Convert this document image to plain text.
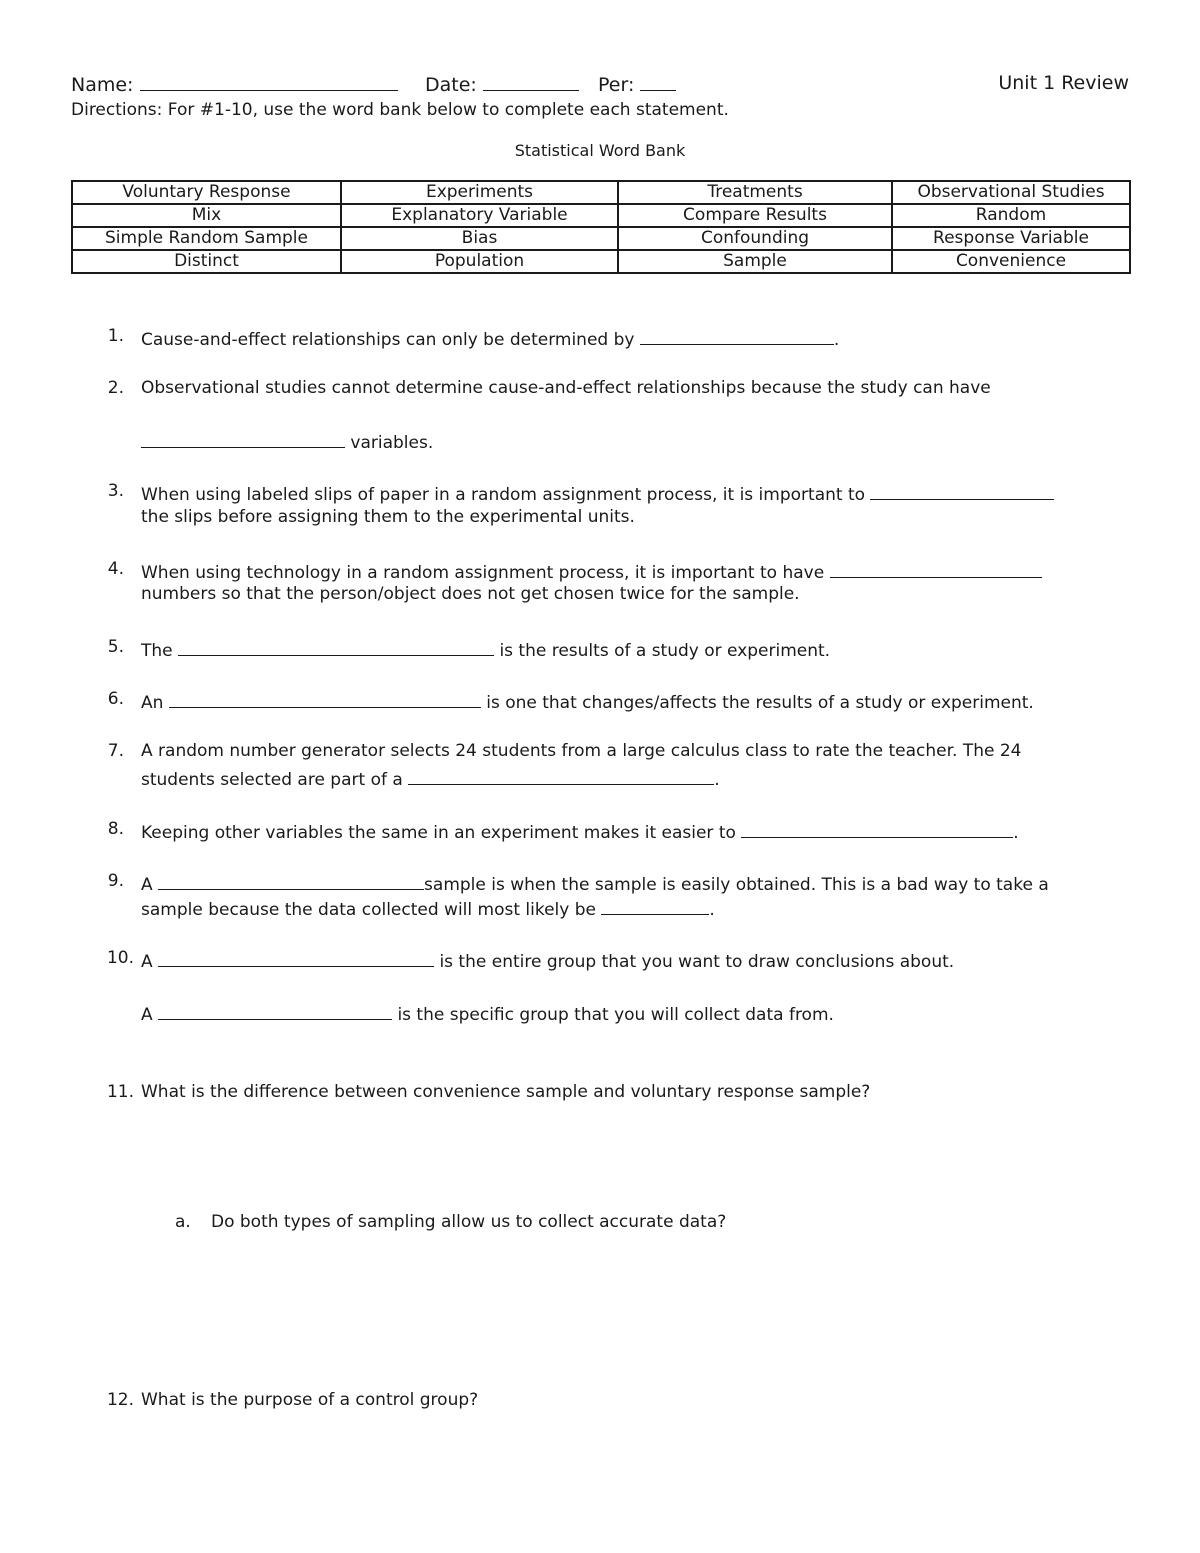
Name:	Date:	Per:	Unit 1 Review
Directions: For #1-10, use the word bank below to complete each statement.
Statistical Word Bank
Voluntary Response	Experiments	Treatments	Observational Studies
Mix	Explanatory Variable	Compare Results	Random
Simple Random Sample	Bias	Confounding	Response Variable
Distinct	Population	Sample	Convenience
1. Cause-and-effect relationships can only be determined by	.
2. Observational studies cannot determine cause-and-effect relationships because the study can have
variables.
3. When using labeled slips of paper in a random assignment process, it is important to
the slips before assigning them to the experimental units.
4. When using technology in a random assignment process, it is important to have
numbers so that the person/object does not get chosen twice for the sample.
5. The	is the results of a study or experiment.
6. An	is one that changes/affects the results of a study or experiment.
7. A random number generator selects 24 students from a large calculus class to rate the teacher. The 24
students selected are part of a	.
8. Keeping other variables the same in an experiment makes it easier to	.
9. A	sample is when the sample is easily obtained. This is a bad way to take a
sample because the data collected will most likely be	.
10. A	is the entire group that you want to draw conclusions about.
A	is the specific group that you will collect data from.
11. What is the difference between convenience sample and voluntary response sample?
a. Do both types of sampling allow us to collect accurate data?
12. What is the purpose of a control group?
